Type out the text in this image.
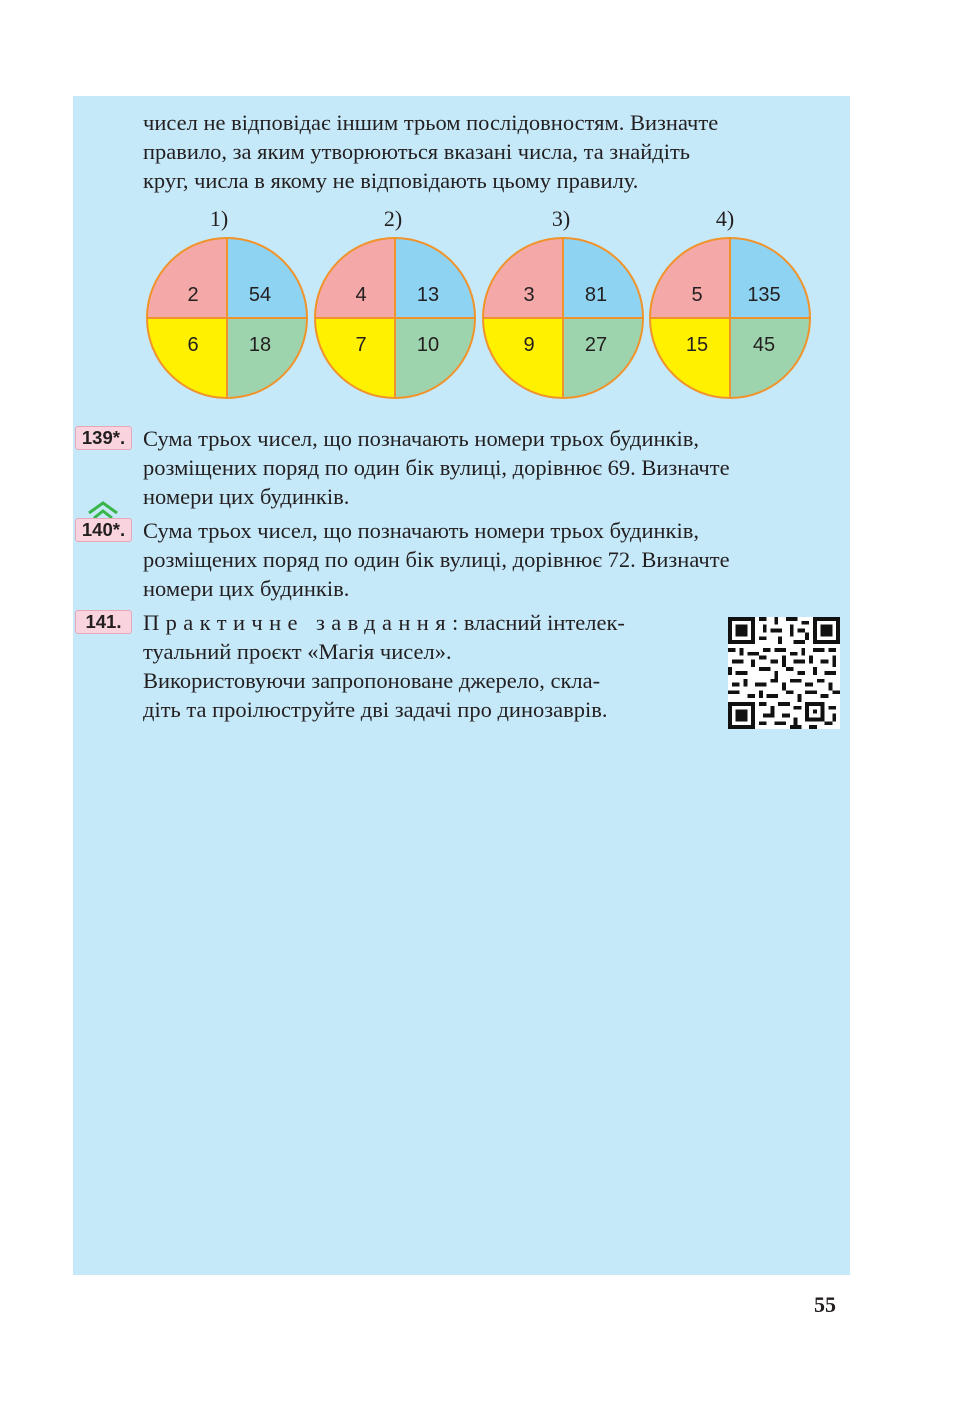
чисел не відповідає іншим трьом послідовностям. Визначте
правило, за яким утворюються вказані числа, та знайдіть
круг, числа в якому не відповідають цьому правилу.
1)	2)	3)	4)
2	54
6	18
4	13
7	10
3	81
9	27
5 135
15 45
139*. Сума трьох чисел, що позначають номери трьох будинків,
розміщених поряд по один бік вулиці, дорівнює 69. Визначте
номери цих будинків.
140*. Сума трьох чисел, що позначають номери трьох будинків,
розміщених поряд по один бік вулиці, дорівнює 72. Визначте
номери цих будинків.
141. Практичне завдання: власний інтелек-
туальний проєкт «Магія чисел».
Використовуючи запропоноване джерело, скла-
діть та проілюструйте дві задачі про динозаврів.
55
